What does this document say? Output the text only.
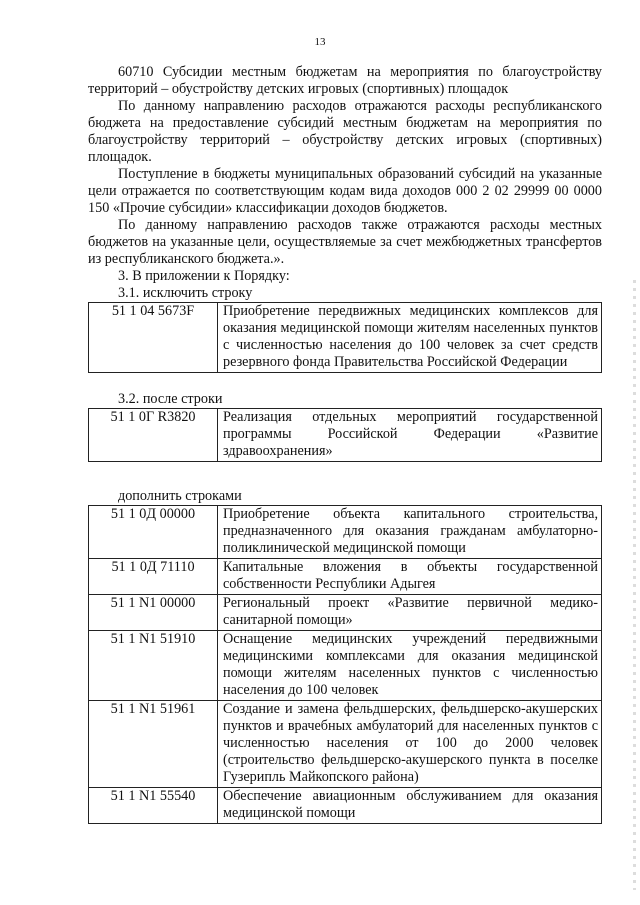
13

60710 Субсидии местным бюджетам на мероприятия по благоустройству территорий – обустройству детских игровых (спортивных) площадок

По данному направлению расходов отражаются расходы республиканского бюджета на предоставление субсидий местным бюджетам на мероприятия по благоустройству территорий – обустройству детских игровых (спортивных) площадок.

Поступление в бюджеты муниципальных образований субсидий на указанные цели отражается по соответствующим кодам вида доходов 000 2 02 29999 00 0000 150 «Прочие субсидии» классификации доходов бюджетов.

По данному направлению расходов также отражаются расходы местных бюджетов на указанные цели, осуществляемые за счет межбюджетных трансфертов из республиканского бюджета.».

3. В приложении к Порядку:
3.1. исключить строку
51 1 04 5673F	Приобретение передвижных медицинских комплексов для оказания медицинской помощи жителям населенных пунктов с численностью населения до 100 человек за счет средств резервного фонда Правительства Российской Федерации
3.2. после строки
51 1 0Г R3820	Реализация отдельных мероприятий государственной программы Российской Федерации «Развитие здравоохранения»
дополнить строками
51 1 0Д 00000	Приобретение объекта капитального строительства, предназначенного для оказания гражданам амбулаторно-поликлинической медицинской помощи
51 1 0Д 71110	Капитальные вложения в объекты государственной собственности Республики Адыгея
51 1 N1 00000	Региональный проект «Развитие первичной медико-санитарной помощи»
51 1 N1 51910	Оснащение медицинских учреждений передвижными медицинскими комплексами для оказания медицинской помощи жителям населенных пунктов с численностью населения до 100 человек
51 1 N1 51961	Создание и замена фельдшерских, фельдшерско-акушерских пунктов и врачебных амбулаторий для населенных пунктов с численностью населения от 100 до 2000 человек (строительство фельдшерско-акушерского пункта в поселке Гузерипль Майкопского района)
51 1 N1 55540	Обеспечение авиационным обслуживанием для оказания медицинской помощи
